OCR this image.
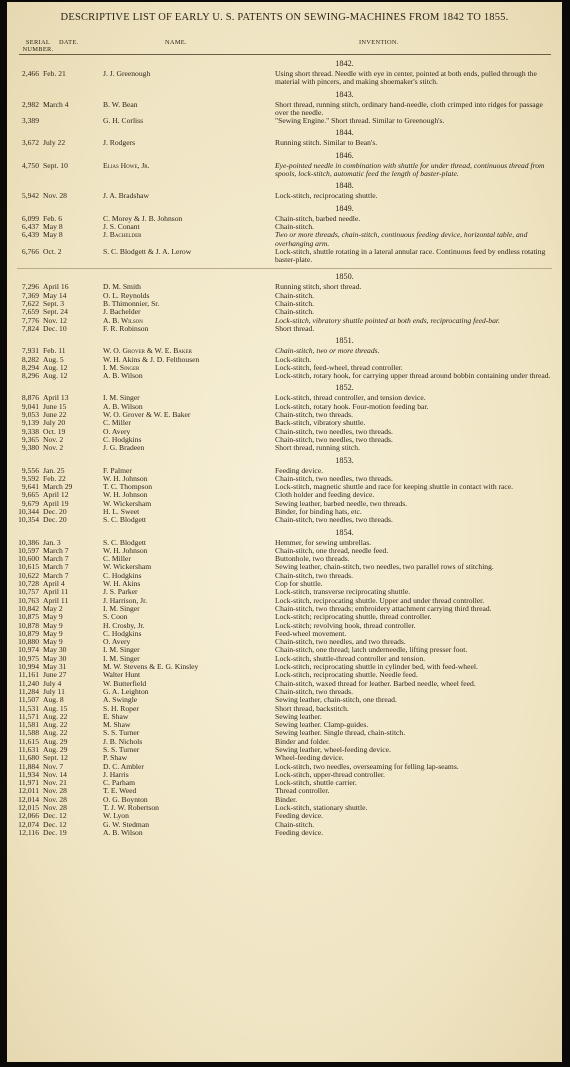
DESCRIPTIVE LIST OF EARLY U. S. PATENTS ON SEWING-MACHINES FROM 1842 TO 1855.
SERIAL NUMBER.
DATE.	NAME.	INVENTION.
1842.
2,466 Feb. 21	J. J. Greenough	Using short thread. Needle with eye in center, pointed at both ends, pulled through the material with pincers, and making shoemaker's stitch.
1843.
2,982 March 4	B. W. Bean	Short thread, running stitch, ordinary hand-needle, cloth crimped into ridges for passage over the needle.
3,389	G. H. Corliss	"Sewing Engine." Short thread. Similar to Greenough's.
1844.
3,672 July 22	J. Rodgers	Running stitch. Similar to Bean's.
1846.
4,750 Sept. 10	Elias Howe, Jr.	Eye-pointed needle in combination with shuttle for under thread, continuous thread from spools, lock-stitch, automatic feed the length of baster-plate.
1848.
5,942 Nov. 28	J. A. Bradshaw	Lock-stitch, reciprocating shuttle.
1849.
6,099 Feb. 6	C. Morey & J. B. Johnson	Chain-stitch, barbed needle.
6,437 May 8	J. S. Conant	Chain-stitch.
6,439 May 8	J. Bachelder	Two or more threads, chain-stitch, continuous feeding device, horizontal table, and overhanging arm.
6,766 Oct. 2	S. C. Blodgett & J. A. Lerow	Lock-stitch, shuttle rotating in a lateral annular race. Continuous feed by endless rotating baster-plate.
1850.
7,296 April 16	D. M. Smith	Running stitch, short thread.
7,369 May 14	O. L. Reynolds	Chain-stitch.
7,622 Sept. 3	B. Thimonnier, Sr.	Chain-stitch.
7,659 Sept. 24	J. Bachelder	Chain-stitch.
7,776 Nov. 12	A. B. Wilson	Lock-stitch, vibratory shuttle pointed at both ends, reciprocating feed-bar.
7,824 Dec. 10	F. R. Robinson	Short thread.
1851.
7,931 Feb. 11	W. O. Grover & W. E. Baker	Chain-stitch, two or more threads.
8,282 Aug. 5	W. H. Akins & J. D. Felthousen	Lock-stitch.
8,294 Aug. 12	I. M. Singer	Lock-stitch, feed-wheel, thread controller.
8,296 Aug. 12	A. B. Wilson	Lock-stitch, rotary hook, for carrying upper thread around bobbin containing under thread.
1852.
8,876 April 13	I. M. Singer	Lock-stitch, thread controller, and tension device.
9,041 June 15	A. B. Wilson	Lock-stitch, rotary hook. Four-motion feeding bar.
9,053 June 22	W. O. Grover & W. E. Baker	Chain-stitch, two threads.
9,139 July 20	C. Miller	Back-stitch, vibratory shuttle.
9,338 Oct. 19	O. Avery	Chain-stitch, two needles, two threads.
9,365 Nov. 2	C. Hodgkins	Chain-stitch, two needles, two threads.
9,380 Nov. 2	J. G. Bradeen	Short thread, running stitch.
1853.
9,556 Jan. 25	F. Palmer	Feeding device.
9,592 Feb. 22	W. H. Johnson	Chain-stitch, two needles, two threads.
9,641 March 29	T. C. Thompson	Lock-stitch, magnetic shuttle and race for keeping shuttle in contact with race.
9,665 April 12	W. H. Johnson	Cloth holder and feeding device.
9,679 April 19	W. Wickersham	Sewing leather, barbed needle, two threads.
10,344 Dec. 20	H. L. Sweet	Binder, for binding hats, etc.
10,354 Dec. 20	S. C. Blodgett	Chain-stitch, two needles, two threads.
1854.
10,386 Jan. 3	S. C. Blodgett	Hemmer, for sewing umbrellas.
10,597 March 7	W. H. Johnson	Chain-stitch, one thread, needle feed.
10,600 March 7	C. Miller	Buttonhole, two threads.
10,615 March 7	W. Wickersham	Sewing leather, chain-stitch, two needles, two parallel rows of stitching.
10,622 March 7	C. Hodgkins	Chain-stitch, two threads.
10,728 April 4	W. H. Akins	Cop for shuttle.
10,757 April 11	J. S. Parker	Lock-stitch, transverse reciprocating shuttle.
10,763 April 11	J. Harrison, Jr.	Lock-stitch, reciprocating shuttle. Upper and under thread controller.
10,842 May 2	I. M. Singer	Chain-stitch, two threads; embroidery attachment carrying third thread.
10,875 May 9	S. Coon	Lock-stitch; reciprocating shuttle, thread controller.
10,878 May 9	H. Crosby, Jr.	Lock-stitch; revolving hook, thread controller.
10,879 May 9	C. Hodgkins	Feed-wheel movement.
10,880 May 9	O. Avery	Chain-stitch, two needles, and two threads.
10,974 May 30	I. M. Singer	Chain-stitch, one thread; latch underneedle, lifting presser foot.
10,975 May 30	I. M. Singer	Lock-stitch, shuttle-thread controller and tension.
10,994 May 31	M. W. Stevens & E. G. Kinsley	Lock-stitch, reciprocating shuttle in cylinder bed, with feed-wheel.
11,161 June 27	Walter Hunt	Lock-stitch, reciprocating shuttle. Needle feed.
11,240 July 4	W. Butterfield	Chain-stitch, waxed thread for leather. Barbed needle, wheel feed.
11,284 July 11	G. A. Leighton	Chain-stitch, two threads.
11,507 Aug. 8	A. Swingle	Sewing leather, chain-stitch, one thread.
11,531 Aug. 15	S. H. Roper	Short thread, backstitch.
11,571 Aug. 22	E. Shaw	Sewing leather.
11,581 Aug. 22	M. Shaw	Sewing leather. Clamp-guides.
11,588 Aug. 22	S. S. Turner	Sewing leather. Single thread, chain-stitch.
11,615 Aug. 29	J. B. Nichols	Binder and folder.
11,631 Aug. 29	S. S. Turner	Sewing leather, wheel-feeding device.
11,680 Sept. 12	P. Shaw	Wheel-feeding device.
11,884 Nov. 7	D. C. Ambler	Lock-stitch, two needles, overseaming for felling lap-seams.
11,934 Nov. 14	J. Harris	Lock-stitch, upper-thread controller.
11,971 Nov. 21	C. Parham	Lock-stitch, shuttle carrier.
12,011 Nov. 28	T. E. Weed	Thread controller.
12,014 Nov. 28	O. G. Boynton	Binder.
12,015 Nov. 28	T. J. W. Robertson	Lock-stitch, stationary shuttle.
12,066 Dec. 12	W. Lyon	Feeding device.
12,074 Dec. 12	G. W. Stedman	Chain-stitch.
12,116 Dec. 19	A. B. Wilson	Feeding device.
